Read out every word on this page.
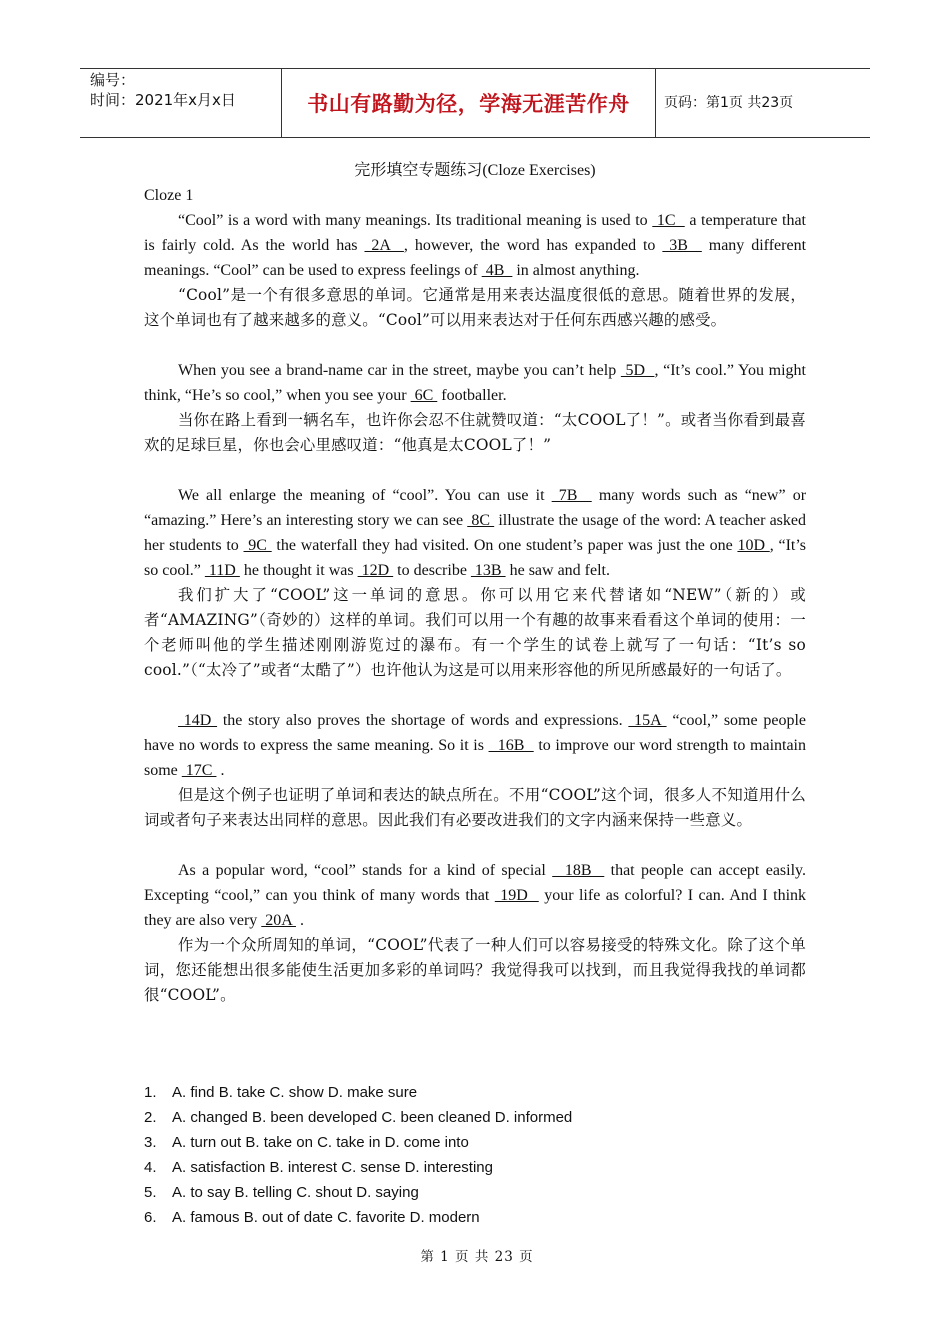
编号：
时间：2021年x月x日	书山有路勤为径，学海无涯苦作舟	页码：第1页 共23页
完形填空专题练习(Cloze Exercises)
Cloze 1
“Cool” is a word with many meanings. Its traditional meaning is used to  1C   a temperature that is fairly cold. As the world has  2A  , however, the word has expanded to  3B   many different meanings. “Cool” can be used to express feelings of  4B   in almost anything.
“Cool”是一个有很多意思的单词。它通常是用来表达温度很低的意思。随着世界的发展，这个单词也有了越来越多的意义。“Cool”可以用来表达对于任何东西感兴趣的感受。
When you see a brand-name car in the street, maybe you can’t help  5D  , “It’s cool.” You might think, “He’s so cool,” when you see your  6C  footballer.
当你在路上看到一辆名车，也许你会忍不住就赞叹道：“太COOL了！”。或者当你看到最喜欢的足球巨星，你也会心里感叹道：“他真是太COOL了！”
We all enlarge the meaning of “cool”. You can use it  7B   many words such as “new” or “amazing.” Here’s an interesting story we can see  8C  illustrate the usage of the word: A teacher asked her students to  9C  the waterfall they had visited. On one student’s paper was just the one 10D , “It’s so cool.”  11D  he thought it was  12D  to describe  13B  he saw and felt.
我们扩大了“COOL”这一单词的意思。你可以用它来代替诸如“NEW”（新的）或者“AMAZING”（奇妙的）这样的单词。我们可以用一个有趣的故事来看看这个单词的使用：一个老师叫他的学生描述刚刚游览过的瀑布。有一个学生的试卷上就写了一句话：“It’s so cool.”（“太冷了”或者“太酷了”）也许他认为这是可以用来形容他的所见所感最好的一句话了。
14D  the story also proves the shortage of words and expressions.  15A  “cool,” some people have no words to express the same meaning. So it is   16B   to improve our word strength to maintain some  17C  .
但是这个例子也证明了单词和表达的缺点所在。不用“COOL”这个词，很多人不知道用什么词或者句子来表达出同样的意思。因此我们有必要改进我们的文字内涵来保持一些意义。
As a popular word, “cool” stands for a kind of special   18B   that people can accept easily. Excepting “cool,” can you think of many words that  19D   your life as colorful? I can. And I think they are also very  20A  .
作为一个众所周知的单词，“COOL”代表了一种人们可以容易接受的特殊文化。除了这个单词，您还能想出很多能使生活更加多彩的单词吗？我觉得我可以找到，而且我觉得我找的单词都很“COOL”。
1. A. find B. take C. show D. make sure
2. A. changed B. been developed C. been cleaned D. informed
3. A. turn out B. take on C. take in D. come into
4. A. satisfaction B. interest C. sense D. interesting
5. A. to say B. telling C. shout D. saying
6. A. famous B. out of date C. favorite D. modern
第 1 页 共 23 页
